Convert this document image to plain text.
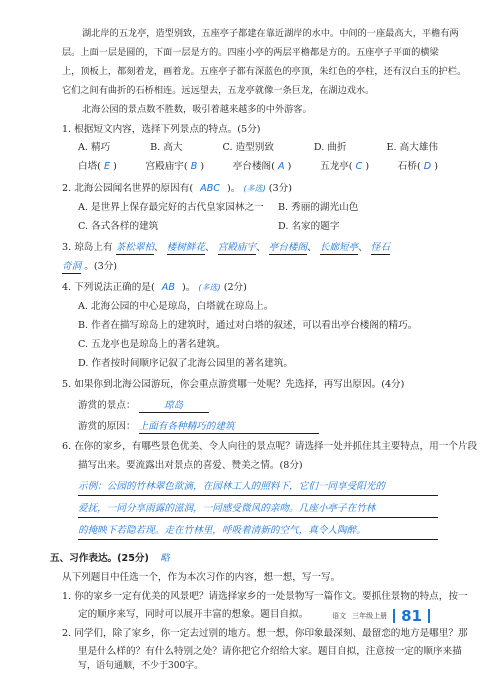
湖北岸的五龙亭，造型别致，五座亭子都建在靠近湖岸的水中。中间的一座最高大，平檐有两
层。上面一层是圆的，下面一层是方的。四座小亭的两层平檐都是方的。五座亭子平面的横梁
上，顶板上，都刻着龙，画着龙。五座亭子都有深蓝色的亭顶，朱红色的亭柱，还有汉白玉的护栏。
它们之间有曲折的石桥相连。远远望去，五龙亭就像一条巨龙，在湖边戏水。
北海公园的景点数不胜数，吸引着越来越多的中外游客。
1. 根据短文内容，选择下列景点的特点。(5分)
A. 精巧	B. 高大	C. 造型别致	D. 曲折	E. 高大雄伟
白塔( E )	宫殿庙宇( B )	亭台楼阁( A )	五龙亭( C )	石桥( D )
2. 北海公园闻名世界的原因有( ABC )。 (多选) (3分)
A. 是世界上保存最完好的古代皇家园林之一 B. 秀丽的湖光山色
C. 各式各样的建筑	D. 名家的题字
3. 琼岛上有 茶松翠柏、 楼树鲜花、 宫殿庙宇、 亭台楼阁、 长廊短亭、 怪石
奇洞 。(3分)
4. 下列说法正确的是( AB )。 (多选) (2分)
A. 北海公园的中心是琼岛，白塔就在琼岛上。
B. 作者在描写琼岛上的建筑时，通过对白塔的叙述，可以看出亭台楼阁的精巧。
C. 五龙亭也是琼岛上的著名建筑。
D. 作者按时间顺序记叙了北海公园里的著名建筑。
5. 如果你到北海公园游玩，你会重点游赏哪一处呢？先选择，再写出原因。(4分)
游赏的景点：	琼岛
游赏的原因： 上面有各种精巧的建筑
6. 在你的家乡，有哪些景色优美、令人向往的景点呢？请选择一处并抓住其主要特点，用一个片段
描写出来。要流露出对景点的喜爱、赞美之情。(8分)
示例：公园的竹林翠色欲滴，在园林工人的照料下，它们一同享受阳光的
爱抚，一同分享雨露的滋润，一同感受微风的亲吻。几座小亭子在竹林
的掩映下若隐若现。走在竹林里，呼吸着清新的空气，真令人陶醉。
五、习作表达。(25分) 略
从下列题目中任选一个，作为本次习作的内容，想一想，写一写。
1. 你的家乡一定有优美的风景吧？请选择家乡的一处景物写一篇作文。要抓住景物的特点，按一
定的顺序来写，同时可以展开丰富的想象。题目自拟。
2. 同学们，除了家乡，你一定去过别的地方。想一想，你印象最深刻、最留恋的地方是哪里？那
里是什么样的？有什么特别之处？请你把它介绍给大家。题目自拟，注意按一定的顺序来描
写，语句通顺，不少于300字。
语文 三年级上册 81
